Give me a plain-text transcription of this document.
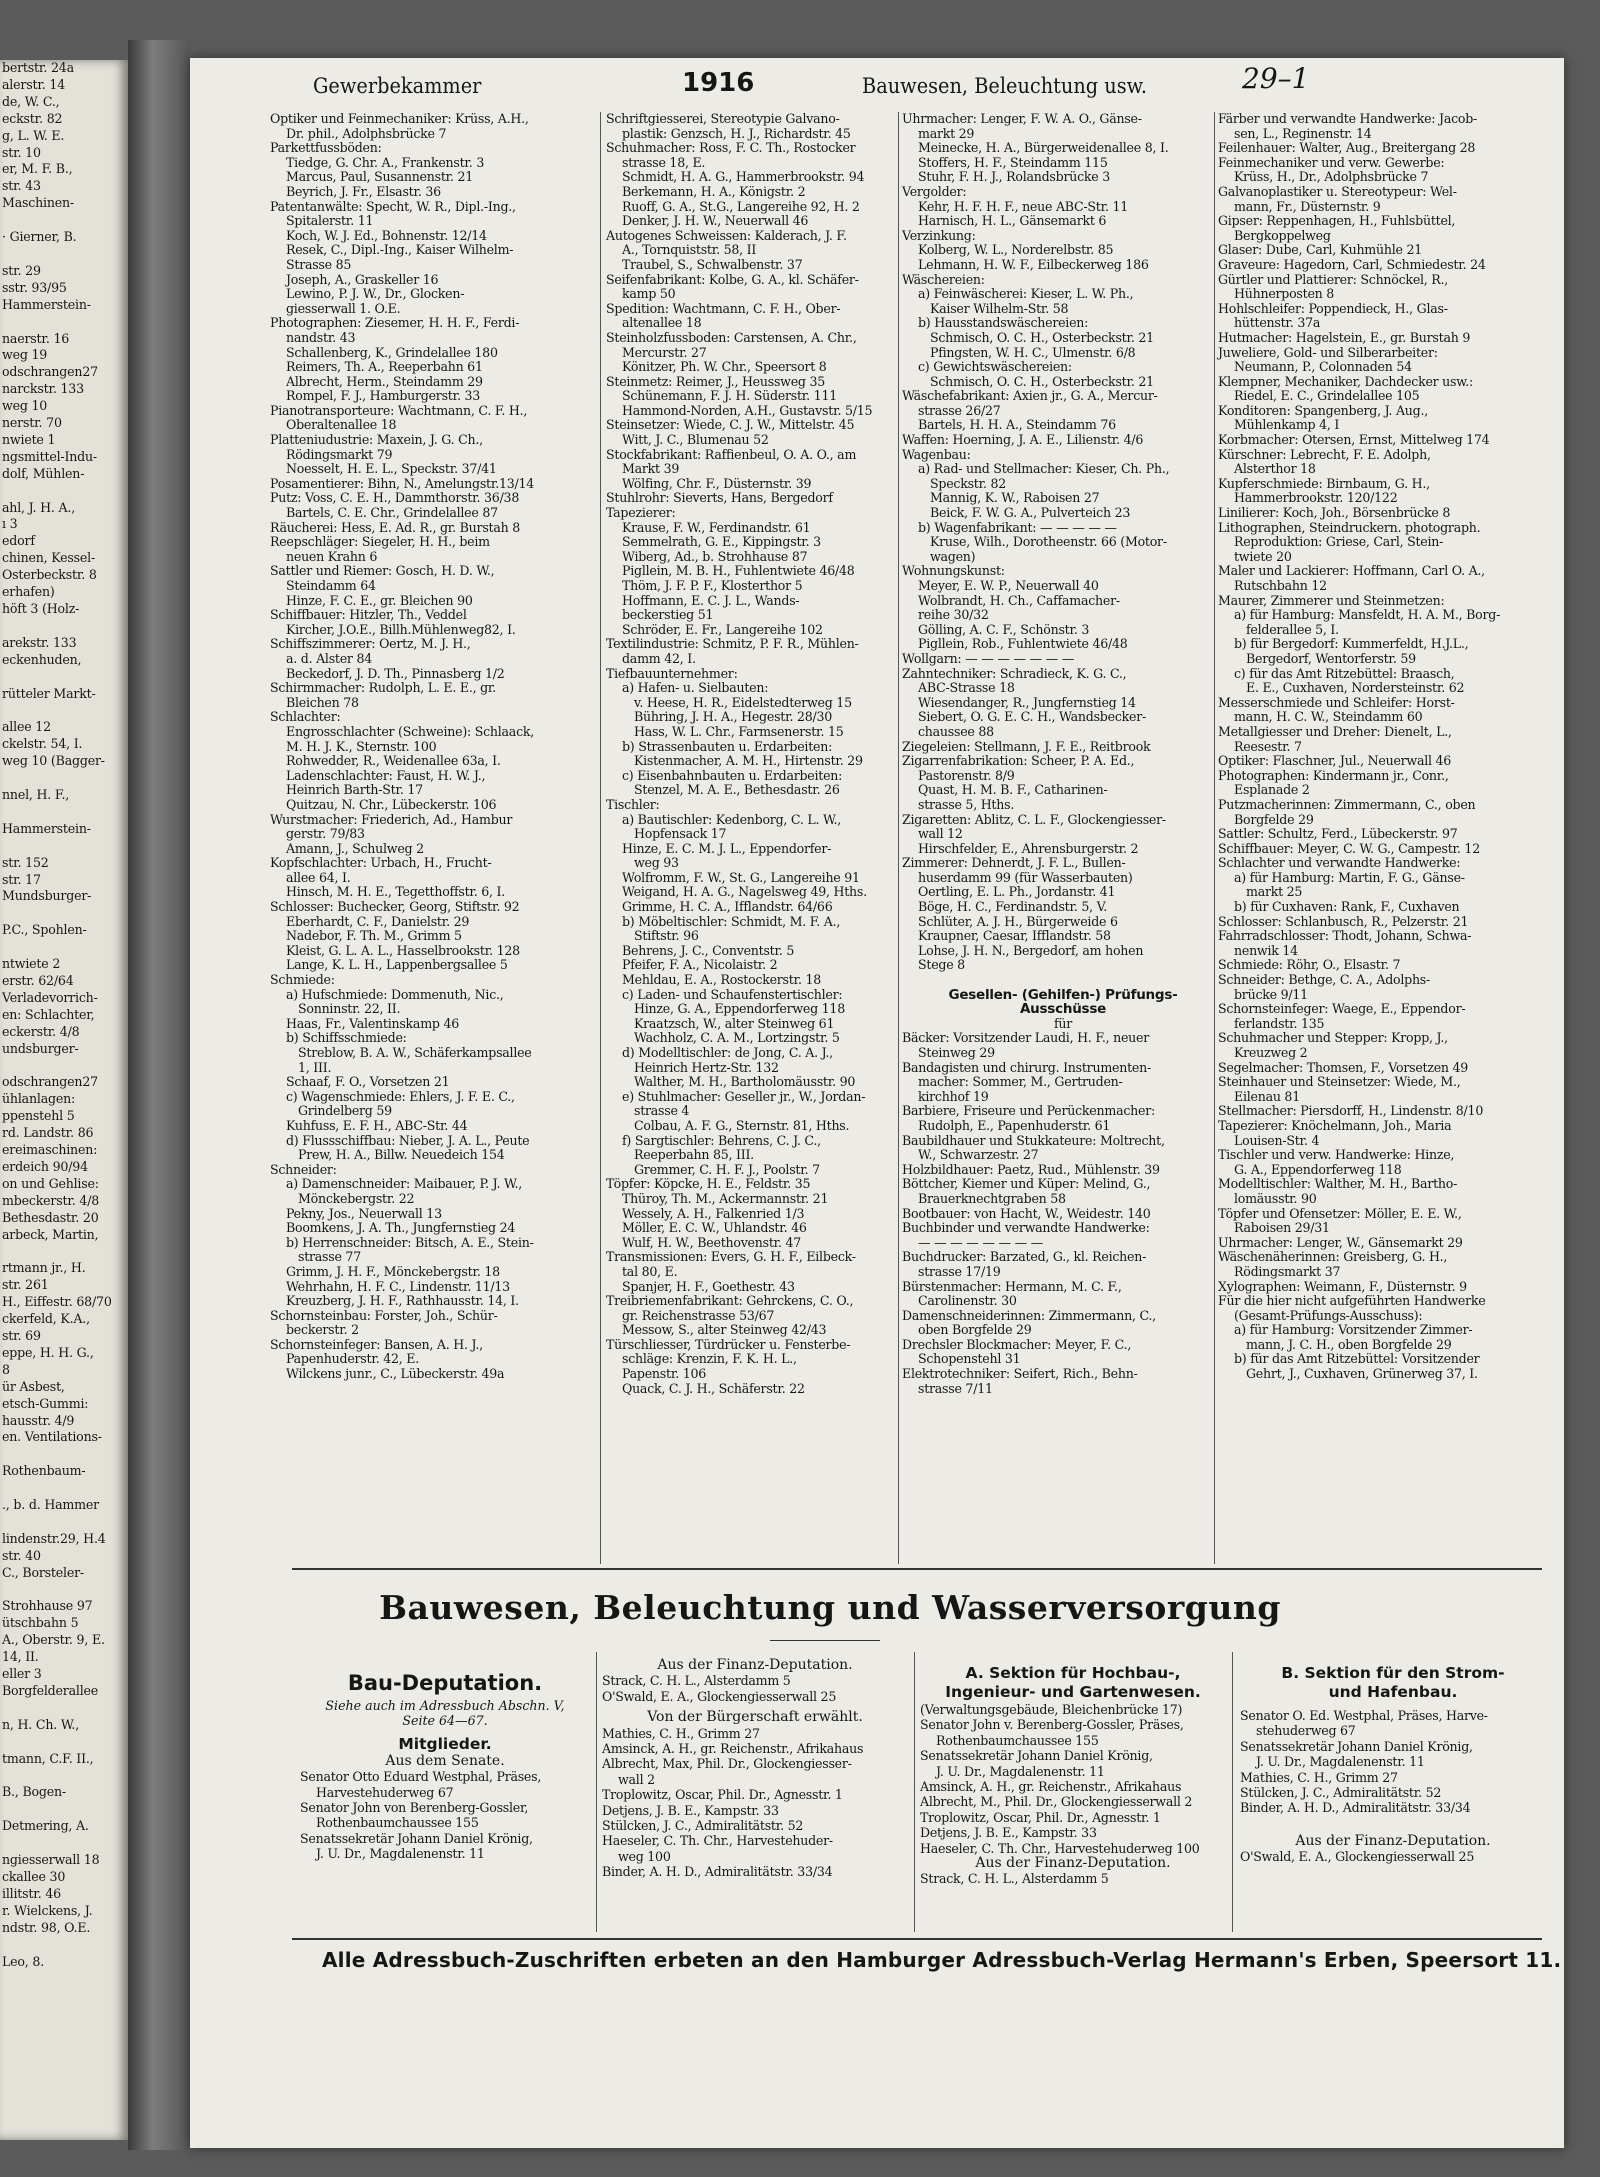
bertstr. 24a
alerstr. 14
de, W. C.,
eckstr. 82
g, L. W. E.
str. 10
er, M. F. B.,
str. 43
Maschinen-

· Gierner, B.

str. 29
sstr. 93/95
Hammerstein-

naerstr. 16
weg 19
odschrangen27
narckstr. 133
weg 10
nerstr. 70
nwiete 1
ngsmittel-Indu-
dolf, Mühlen-

ahl, J. H. A.,
ı 3
edorf
chinen, Kessel-
Osterbeckstr. 8
erhafen)
höft 3 (Holz-

arekstr. 133
eckenhuden,

rütteler Markt-

allee 12
ckelstr. 54, I.
weg 10 (Bagger-

nnel, H. F.,

Hammerstein-

str. 152
str. 17
Mundsburger-

P.C., Spohlen-

ntwiete 2
erstr. 62/64
Verladevorrich-
en: Schlachter,
eckerstr. 4/8
undsburger-

odschrangen27
ühlanlagen:
ppenstehl 5
rd. Landstr. 86
ereimaschinen:
erdeich 90/94
on und Gehlise:
mbeckerstr. 4/8
Bethesdastr. 20
arbeck, Martin,

rtmann jr., H.
str. 261
H., Eiffestr. 68/70
ckerfeld, K.A.,
str. 69
eppe, H. H. G.,
8
ür Asbest,
etsch-Gummi:
hausstr. 4/9
en. Ventilations-

Rothenbaum-

., b. d. Hammer

lindenstr.29, H.4
str. 40
C., Borsteler-

Strohhause 97
ütschbahn 5
A., Oberstr. 9, E.
14, II.
eller 3
Borgfelderallee

n, H. Ch. W.,

tmann, C.F. II.,

B., Bogen-

Detmering, A.

ngiesserwall 18
ckallee 30
illitstr. 46
r. Wielckens, J.
ndstr. 98, O.E.

Leo, 8.
Gewerbekammer	1916	Bauwesen, Beleuchtung usw.	29–1
Optiker und Feinmechaniker: Krüss, A.H.,
Dr. phil., Adolphsbrücke 7
Parkettfussböden:
Tiedge, G. Chr. A., Frankenstr. 3
Marcus, Paul, Susannenstr. 21
Beyrich, J. Fr., Elsastr. 36
Patentanwälte: Specht, W. R., Dipl.-Ing.,
Spitalerstr. 11
Koch, W. J. Ed., Bohnenstr. 12/14
Resek, C., Dipl.-Ing., Kaiser Wilhelm-
Strasse 85
Joseph, A., Graskeller 16
Lewino, P. J. W., Dr., Glocken-
giesserwall 1. O.E.
Photographen: Ziesemer, H. H. F., Ferdi-
nandstr. 43
Schallenberg, K., Grindelallee 180
Reimers, Th. A., Reeperbahn 61
Albrecht, Herm., Steindamm 29
Rompel, F. J., Hamburgerstr. 33
Pianotransporteure: Wachtmann, C. F. H.,
Oberaltenallee 18
Platteniudustrie: Maxein, J. G. Ch.,
Rödingsmarkt 79
Noesselt, H. E. L., Speckstr. 37/41
Posamentierer: Bihn, N., Amelungstr.13/14
Putz: Voss, C. E. H., Dammthorstr. 36/38
Bartels, C. E. Chr., Grindelallee 87
Räucherei: Hess, E. Ad. R., gr. Burstah 8
Reepschläger: Siegeler, H. H., beim
neuen Krahn 6
Sattler und Riemer: Gosch, H. D. W.,
Steindamm 64
Hinze, F. C. E., gr. Bleichen 90
Schiffbauer: Hitzler, Th., Veddel
Kircher, J.O.E., Billh.Mühlenweg82, I.
Schiffszimmerer: Oertz, M. J. H.,
a. d. Alster 84
Beckedorf, J. D. Th., Pinnasberg 1/2
Schirmmacher: Rudolph, L. E. E., gr.
Bleichen 78
Schlachter:
Engrosschlachter (Schweine): Schlaack,
M. H. J. K., Sternstr. 100
Rohwedder, R., Weidenallee 63a, I.
Ladenschlachter: Faust, H. W. J.,
Heinrich Barth-Str. 17
Quitzau, N. Chr., Lübeckerstr. 106
Wurstmacher: Friederich, Ad., Hambur
gerstr. 79/83
Amann, J., Schulweg 2
Kopfschlachter: Urbach, H., Frucht-
allee 64, I.
Hinsch, M. H. E., Tegetthoffstr. 6, I.
Schlosser: Buchecker, Georg, Stiftstr. 92
Eberhardt, C. F., Danielstr. 29
Nadebor, F. Th. M., Grimm 5
Kleist, G. L. A. L., Hasselbrookstr. 128
Lange, K. L. H., Lappenbergsallee 5
Schmiede:
a) Hufschmiede: Dommenuth, Nic.,
Sonninstr. 22, II.
Haas, Fr., Valentinskamp 46
b) Schiffsschmiede:
Streblow, B. A. W., Schäferkampsallee
1, III.
Schaaf, F. O., Vorsetzen 21
c) Wagenschmiede: Ehlers, J. F. E. C.,
Grindelberg 59
Kuhfuss, E. F. H., ABC-Str. 44
d) Flussschiffbau: Nieber, J. A. L., Peute
Prew, H. A., Billw. Neuedeich 154
Schneider:
a) Damenschneider: Maibauer, P. J. W.,
Mönckebergstr. 22
Pekny, Jos., Neuerwall 13
Boomkens, J. A. Th., Jungfernstieg 24
b) Herrenschneider: Bitsch, A. E., Stein-
strasse 77
Grimm, J. H. F., Mönckebergstr. 18
Wehrhahn, H. F. C., Lindenstr. 11/13
Kreuzberg, J. H. F., Rathhausstr. 14, I.
Schornsteinbau: Forster, Joh., Schür-
beckerstr. 2
Schornsteinfeger: Bansen, A. H. J.,
Papenhuderstr. 42, E.
Wilckens junr., C., Lübeckerstr. 49a
Schriftgiesserei, Stereotypie Galvano-
plastik: Genzsch, H. J., Richardstr. 45
Schuhmacher: Ross, F. C. Th., Rostocker
strasse 18, E.
Schmidt, H. A. G., Hammerbrookstr. 94
Berkemann, H. A., Königstr. 2
Ruoff, G. A., St.G., Langereihe 92, H. 2
Denker, J. H. W., Neuerwall 46
Autogenes Schweissen: Kalderach, J. F.
A., Tornquiststr. 58, II
Traubel, S., Schwalbenstr. 37
Seifenfabrikant: Kolbe, G. A., kl. Schäfer-
kamp 50
Spedition: Wachtmann, C. F. H., Ober-
altenallee 18
Steinholzfussboden: Carstensen, A. Chr.,
Mercurstr. 27
Könitzer, Ph. W. Chr., Speersort 8
Steinmetz: Reimer, J., Heussweg 35
Schünemann, F. J. H. Süderstr. 111
Hammond-Norden, A.H., Gustavstr. 5/15
Steinsetzer: Wiede, C. J. W., Mittelstr. 45
Witt, J. C., Blumenau 52
Stockfabrikant: Raffienbeul, O. A. O., am
Markt 39
Wölfing, Chr. F., Düsternstr. 39
Stuhlrohr: Sieverts, Hans, Bergedorf
Tapezierer:
Krause, F. W., Ferdinandstr. 61
Semmelrath, G. E., Kippingstr. 3
Wiberg, Ad., b. Strohhause 87
Pigllein, M. B. H., Fuhlentwiete 46/48
Thöm, J. F. P. F., Klosterthor 5
Hoffmann, E. C. J. L., Wands-
beckerstieg 51
Schröder, E. Fr., Langereihe 102
Textilindustrie: Schmitz, P. F. R., Mühlen-
damm 42, I.
Tiefbauunternehmer:
a) Hafen- u. Sielbauten:
v. Heese, H. R., Eidelstedterweg 15
Bühring, J. H. A., Hegestr. 28/30
Hass, W. L. Chr., Farmsenerstr. 15
b) Strassenbauten u. Erdarbeiten:
Kistenmacher, A. M. H., Hirtenstr. 29
c) Eisenbahnbauten u. Erdarbeiten:
Stenzel, M. A. E., Bethesdastr. 26
Tischler:
a) Bautischler: Kedenborg, C. L. W.,
Hopfensack 17
Hinze, E. C. M. J. L., Eppendorfer-
weg 93
Wolfromm, F. W., St. G., Langereihe 91
Weigand, H. A. G., Nagelsweg 49, Hths.
Grimme, H. C. A., Ifflandstr. 64/66
b) Möbeltischler: Schmidt, M. F. A.,
Stiftstr. 96
Behrens, J. C., Conventstr. 5
Pfeifer, F. A., Nicolaistr. 2
Mehldau, E. A., Rostockerstr. 18
c) Laden- und Schaufenstertischler:
Hinze, G. A., Eppendorferweg 118
Kraatzsch, W., alter Steinweg 61
Wachholz, C. A. M., Lortzingstr. 5
d) Modelltischler: de Jong, C. A. J.,
Heinrich Hertz-Str. 132
Walther, M. H., Bartholomäusstr. 90
e) Stuhlmacher: Geseller jr., W., Jordan-
strasse 4
Colbau, A. F. G., Sternstr. 81, Hths.
f) Sargtischler: Behrens, C. J. C.,
Reeperbahn 85, III.
Gremmer, C. H. F. J., Poolstr. 7
Töpfer: Köpcke, H. E., Feldstr. 35
Thüroy, Th. M., Ackermannstr. 21
Wessely, A. H., Falkenried 1/3
Möller, E. C. W., Uhlandstr. 46
Wulf, H. W., Beethovenstr. 47
Transmissionen: Evers, G. H. F., Eilbeck-
tal 80, E.
Spanjer, H. F., Goethestr. 43
Treibriemenfabrikant: Gehrckens, C. O.,
gr. Reichenstrasse 53/67
Messow, S., alter Steinweg 42/43
Türschliesser, Türdrücker u. Fensterbe-
schläge: Krenzin, F. K. H. L.,
Papenstr. 106
Quack, C. J. H., Schäferstr. 22
Uhrmacher: Lenger, F. W. A. O., Gänse-
markt 29
Meinecke, H. A., Bürgerweidenallee 8, I.
Stoffers, H. F., Steindamm 115
Stuhr, F. H. J., Rolandsbrücke 3
Vergolder:
Kehr, H. F. H. F., neue ABC-Str. 11
Harnisch, H. L., Gänsemarkt 6
Verzinkung:
Kolberg, W. L., Norderelbstr. 85
Lehmann, H. W. F., Eilbeckerweg 186
Wäschereien:
a) Feinwäscherei: Kieser, L. W. Ph.,
Kaiser Wilhelm-Str. 58
b) Hausstandswäschereien:
Schmisch, O. C. H., Osterbeckstr. 21
Pfingsten, W. H. C., Ulmenstr. 6/8
c) Gewichtswäschereien:
Schmisch, O. C. H., Osterbeckstr. 21
Wäschefabrikant: Axien jr., G. A., Mercur-
strasse 26/27
Bartels, H. H. A., Steindamm 76
Waffen: Hoerning, J. A. E., Lilienstr. 4/6
Wagenbau:
a) Rad- und Stellmacher: Kieser, Ch. Ph.,
Speckstr. 82
Mannig, K. W., Raboisen 27
Beick, F. W. G. A., Pulverteich 23
b) Wagenfabrikant: — — — — —
Kruse, Wilh., Dorotheenstr. 66 (Motor-
wagen)
Wohnungskunst:
Meyer, E. W. P., Neuerwall 40
Wolbrandt, H. Ch., Caffamacher-
reihe 30/32
Gölling, A. C. F., Schönstr. 3
Pigllein, Rob., Fuhlentwiete 46/48
Wollgarn: — — — — — — —
Zahntechniker: Schradieck, K. G. C.,
ABC-Strasse 18
Wiesendanger, R., Jungfernstieg 14
Siebert, O. G. E. C. H., Wandsbecker-
chaussee 88
Ziegeleien: Stellmann, J. F. E., Reitbrook
Zigarrenfabrikation: Scheer, P. A. Ed.,
Pastorenstr. 8/9
Quast, H. M. B. F., Catharinen-
strasse 5, Hths.
Zigaretten: Ablitz, C. L. F., Glockengiesser-
wall 12
Hirschfelder, E., Ahrensburgerstr. 2
Zimmerer: Dehnerdt, J. F. L., Bullen-
huserdamm 99 (für Wasserbauten)
Oertling, E. L. Ph., Jordanstr. 41
Böge, H. C., Ferdinandstr. 5, V.
Schlüter, A. J. H., Bürgerweide 6
Kraupner, Caesar, Ifflandstr. 58
Lohse, J. H. N., Bergedorf, am hohen
Stege 8

Gesellen- (Gehilfen-) Prüfungs-
Ausschüsse
für
Bäcker: Vorsitzender Laudi, H. F., neuer
Steinweg 29
Bandagisten und chirurg. Instrumenten-
macher: Sommer, M., Gertruden-
kirchhof 19
Barbiere, Friseure und Perückenmacher:
Rudolph, E., Papenhuderstr. 61
Baubildhauer und Stukkateure: Moltrecht,
W., Schwarzestr. 27
Holzbildhauer: Paetz, Rud., Mühlenstr. 39
Böttcher, Kiemer und Küper: Melind, G.,
Brauerknechtgraben 58
Bootbauer: von Hacht, W., Weidestr. 140
Buchbinder und verwandte Handwerke:
— — — — — — — —
Buchdrucker: Barzated, G., kl. Reichen-
strasse 17/19
Bürstenmacher: Hermann, M. C. F.,
Carolinenstr. 30
Damenschneiderinnen: Zimmermann, C.,
oben Borgfelde 29
Drechsler Blockmacher: Meyer, F. C.,
Schopenstehl 31
Elektrotechniker: Seifert, Rich., Behn-
strasse 7/11
Färber und verwandte Handwerke: Jacob-
sen, L., Reginenstr. 14
Feilenhauer: Walter, Aug., Breitergang 28
Feinmechaniker und verw. Gewerbe:
Krüss, H., Dr., Adolphsbrücke 7
Galvanoplastiker u. Stereotypeur: Wel-
mann, Fr., Düsternstr. 9
Gipser: Reppenhagen, H., Fuhlsbüttel,
Bergkoppelweg
Glaser: Dube, Carl, Kuhmühle 21
Graveure: Hagedorn, Carl, Schmiedestr. 24
Gürtler und Plattierer: Schnöckel, R.,
Hühnerposten 8
Hohlschleifer: Poppendieck, H., Glas-
hüttenstr. 37a
Hutmacher: Hagelstein, E., gr. Burstah 9
Juweliere, Gold- und Silberarbeiter:
Neumann, P., Colonnaden 54
Klempner, Mechaniker, Dachdecker usw.:
Riedel, E. C., Grindelallee 105
Konditoren: Spangenberg, J. Aug.,
Mühlenkamp 4, I
Korbmacher: Otersen, Ernst, Mittelweg 174
Kürschner: Lebrecht, F. E. Adolph,
Alsterthor 18
Kupferschmiede: Birnbaum, G. H.,
Hammerbrookstr. 120/122
Linilierer: Koch, Joh., Börsenbrücke 8
Lithographen, Steindruckern. photograph.
Reproduktion: Griese, Carl, Stein-
twiete 20
Maler und Lackierer: Hoffmann, Carl O. A.,
Rutschbahn 12
Maurer, Zimmerer und Steinmetzen:
a) für Hamburg: Mansfeldt, H. A. M., Borg-
felderallee 5, I.
b) für Bergedorf: Kummerfeldt, H.J.L.,
Bergedorf, Wentorferstr. 59
c) für das Amt Ritzebüttel: Braasch,
E. E., Cuxhaven, Nordersteinstr. 62
Messerschmiede und Schleifer: Horst-
mann, H. C. W., Steindamm 60
Metallgiesser und Dreher: Dienelt, L.,
Reesestr. 7
Optiker: Flaschner, Jul., Neuerwall 46
Photographen: Kindermann jr., Conr.,
Esplanade 2
Putzmacherinnen: Zimmermann, C., oben
Borgfelde 29
Sattler: Schultz, Ferd., Lübeckerstr. 97
Schiffbauer: Meyer, C. W. G., Campestr. 12
Schlachter und verwandte Handwerke:
a) für Hamburg: Martin, F. G., Gänse-
markt 25
b) für Cuxhaven: Rank, F., Cuxhaven
Schlosser: Schlanbusch, R., Pelzerstr. 21
Fahrradschlosser: Thodt, Johann, Schwa-
nenwik 14
Schmiede: Röhr, O., Elsastr. 7
Schneider: Bethge, C. A., Adolphs-
brücke 9/11
Schornsteinfeger: Waege, E., Eppendor-
ferlandstr. 135
Schuhmacher und Stepper: Kropp, J.,
Kreuzweg 2
Segelmacher: Thomsen, F., Vorsetzen 49
Steinhauer und Steinsetzer: Wiede, M.,
Eilenau 81
Stellmacher: Piersdorff, H., Lindenstr. 8/10
Tapezierer: Knöchelmann, Joh., Maria
Louisen-Str. 4
Tischler und verw. Handwerke: Hinze,
G. A., Eppendorferweg 118
Modelltischler: Walther, M. H., Bartho-
lomäusstr. 90
Töpfer und Ofensetzer: Möller, E. E. W.,
Raboisen 29/31
Uhrmacher: Lenger, W., Gänsemarkt 29
Wäschenäherinnen: Greisberg, G. H.,
Rödingsmarkt 37
Xylographen: Weimann, F., Düsternstr. 9
Für die hier nicht aufgeführten Handwerke
(Gesamt-Prüfungs-Ausschuss):
a) für Hamburg: Vorsitzender Zimmer-
mann, J. C. H., oben Borgfelde 29
b) für das Amt Ritzebüttel: Vorsitzender
Gehrt, J., Cuxhaven, Grünerweg 37, I.
Bauwesen, Beleuchtung und Wasserversorgung
Bau-Deputation.
Siehe auch im Adressbuch Abschn. V,
Seite 64—67.
Mitglieder.
Aus dem Senate.
Senator Otto Eduard Westphal, Präses,
Harvestehuderweg 67
Senator John von Berenberg-Gossler,
Rothenbaumchaussee 155
Senatssekretär Johann Daniel Krönig,
J. U. Dr., Magdalenenstr. 11
Aus der Finanz-Deputation.
Strack, C. H. L., Alsterdamm 5
O'Swald, E. A., Glockengiesserwall 25
Von der Bürgerschaft erwählt.
Mathies, C. H., Grimm 27
Amsinck, A. H., gr. Reichenstr., Afrikahaus
Albrecht, Max, Phil. Dr., Glockengiesser-
wall 2
Troplowitz, Oscar, Phil. Dr., Agnesstr. 1
Detjens, J. B. E., Kampstr. 33
Stülcken, J. C., Admiralitätstr. 52
Haeseler, C. Th. Chr., Harvestehuder-
weg 100
Binder, A. H. D., Admiralitätstr. 33/34
A. Sektion für Hochbau-,
Ingenieur- und Gartenwesen.
(Verwaltungsgebäude, Bleichenbrücke 17)
Senator John v. Berenberg-Gossler, Präses,
Rothenbaumchaussee 155
Senatssekretär Johann Daniel Krönig,
J. U. Dr., Magdalenenstr. 11
Amsinck, A. H., gr. Reichenstr., Afrikahaus
Albrecht, M., Phil. Dr., Glockengiesserwall 2
Troplowitz, Oscar, Phil. Dr., Agnesstr. 1
Detjens, J. B. E., Kampstr. 33
Haeseler, C. Th. Chr., Harvestehuderweg 100
Aus der Finanz-Deputation.
Strack, C. H. L., Alsterdamm 5
B. Sektion für den Strom-
und Hafenbau.
Senator O. Ed. Westphal, Präses, Harve-
stehuderweg 67
Senatssekretär Johann Daniel Krönig,
J. U. Dr., Magdalenenstr. 11
Mathies, C. H., Grimm 27
Stülcken, J. C., Admiralitätstr. 52
Binder, A. H. D., Admiralitätstr. 33/34
Aus der Finanz-Deputation.
O'Swald, E. A., Glockengiesserwall 25
Alle Adressbuch-Zuschriften erbeten an den Hamburger Adressbuch-Verlag Hermann's Erben, Speersort 11.
